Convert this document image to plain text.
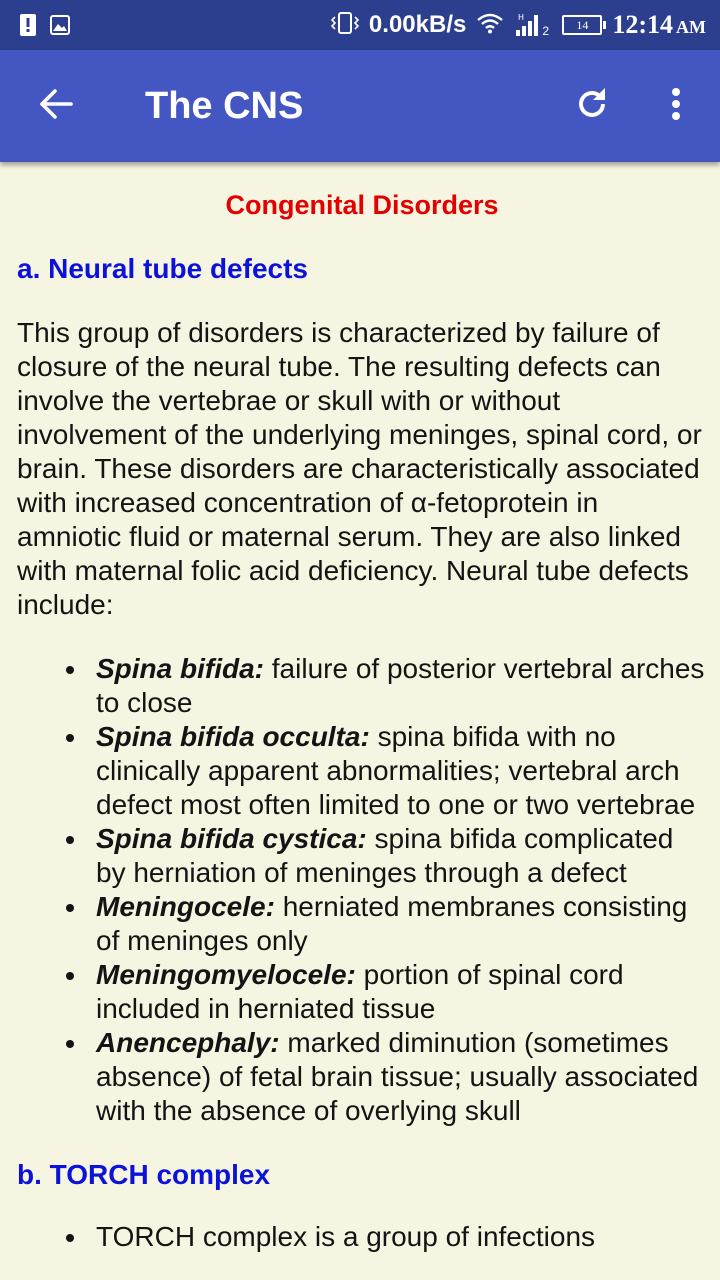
0.00kB/s	H
2 14 12:14 AM
The CNS
Congenital Disorders
a. Neural tube defects

This group of disorders is characterized by failure of closure of the neural tube. The resulting defects can involve the vertebrae or skull with or without involvement of the underlying meninges, spinal cord, or brain. These disorders are characteristically associated with increased concentration of α-fetoprotein in amniotic fluid or maternal serum. They are also linked with maternal folic acid deficiency. Neural tube defects include:

Spina bifida: failure of posterior vertebral arches to close
Spina bifida occulta: spina bifida with no clinically apparent abnormalities; vertebral arch defect most often limited to one or two vertebrae
Spina bifida cystica: spina bifida complicated by herniation of meninges through a defect
Meningocele: herniated membranes consisting of meninges only
Meningomyelocele: portion of spinal cord included in herniated tissue
Anencephaly: marked diminution (sometimes absence) of fetal brain tissue; usually associated with the absence of overlying skull
b. TORCH complex
TORCH complex is a group of infections
